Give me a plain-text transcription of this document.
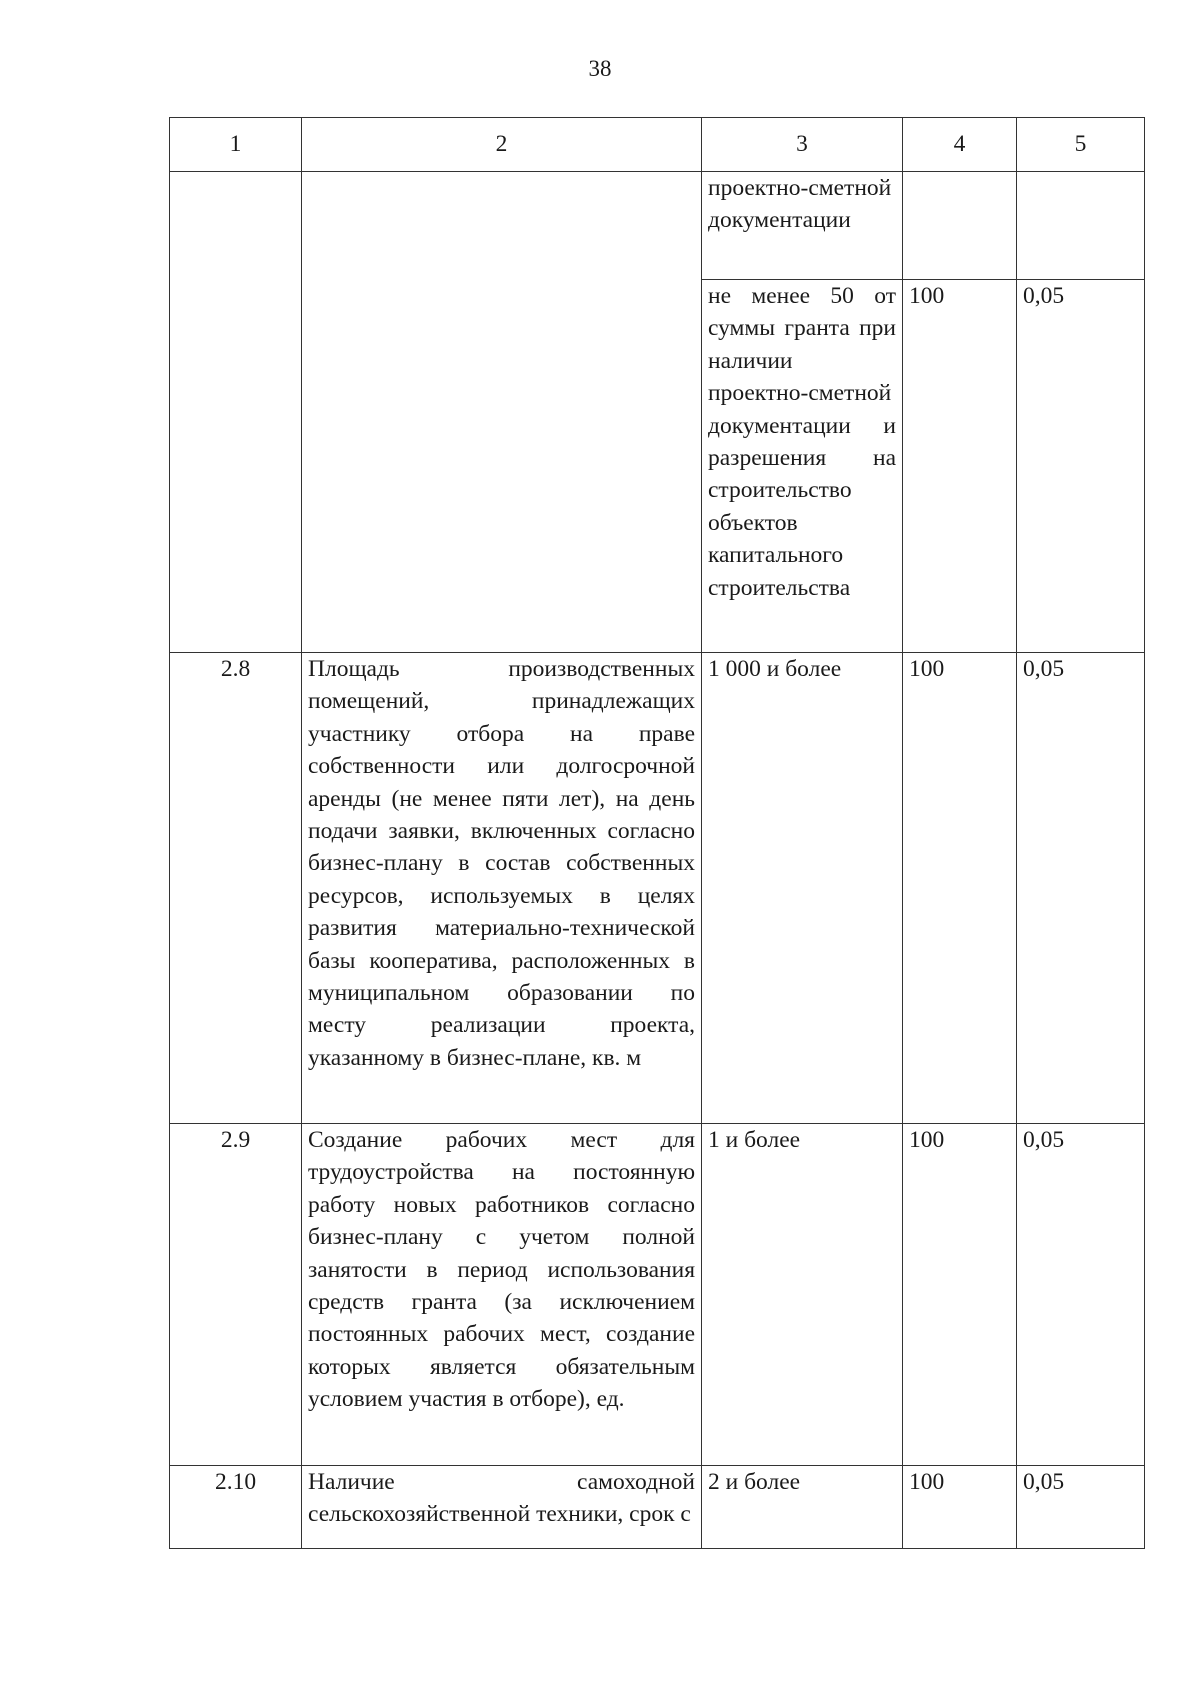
38
1	2	3	4	5
		проектно-сметной документации		
		не менее 50 от суммы гранта при наличии проектно-сметной документации и разрешения на строительство объектов капитального строительства	100	0,05
2.8	Площадь производственных помещений, принадлежащих участнику отбора на праве собственности или долгосрочной аренды (не менее пяти лет), на день подачи заявки, включенных согласно бизнес-плану в состав собственных ресурсов, используемых в целях развития материально-технической базы кооператива, расположенных в муниципальном образовании по месту реализации проекта, указанному в бизнес-плане, кв. м	1 000 и более	100	0,05
2.9	Создание рабочих мест для трудоустройства на постоянную работу новых работников согласно бизнес-плану с учетом полной занятости в период использования средств гранта (за исключением постоянных рабочих мест, создание которых является обязательным условием участия в отборе), ед.	1 и более	100	0,05
2.10	Наличие самоходной сельскохозяйственной техники, срок с	2 и более	100	0,05
